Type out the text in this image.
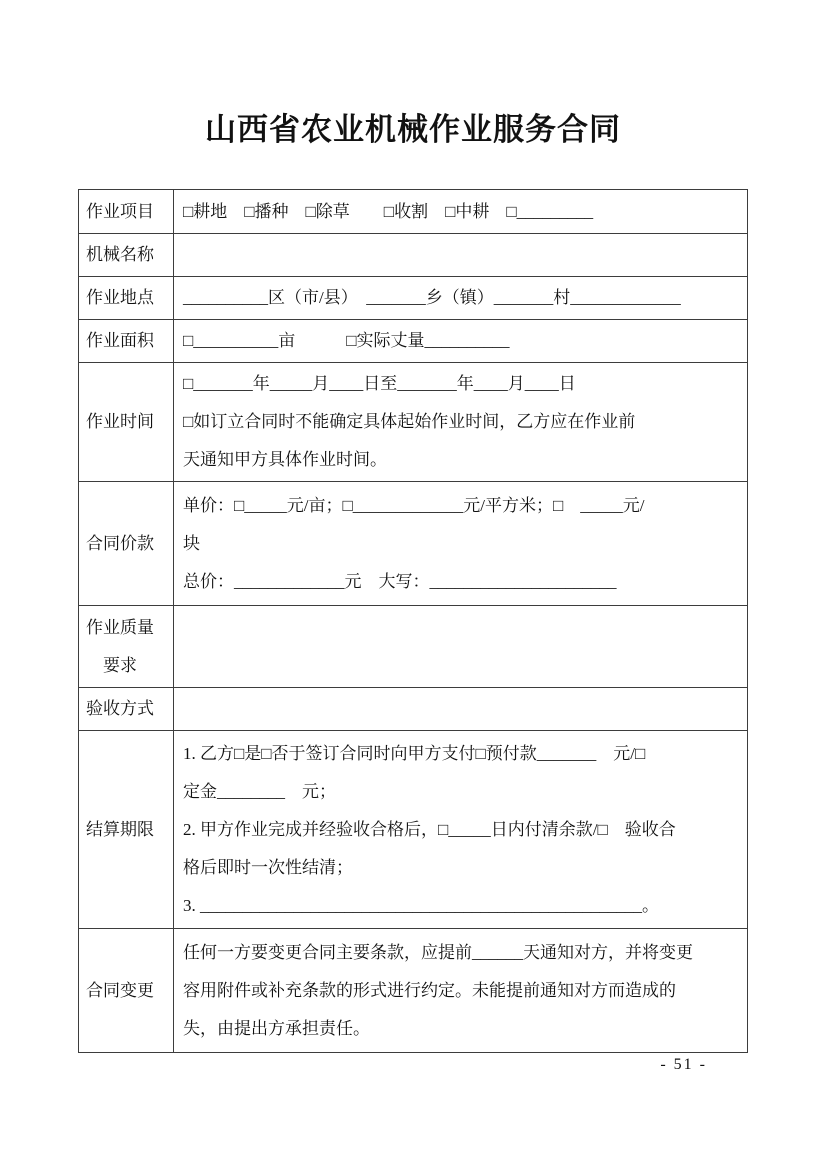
山西省农业机械作业服务合同
作业项目	□耕地　□播种　□除草　　□收割　□中耕　□_________

机械名称	

作业地点	__________区（市/县）　_______乡（镇）_______村_____________

作业面积	□__________亩　　　□实际丈量__________

作业时间	□_______年_____月____日至_______年____月____日
□如订立合同时不能确定具体起始作业时间，乙方应在作业前
天通知甲方具体作业时间。

合同价款	单价：□_____元/亩；□_____________元/平方米；□　_____元/
块
总价：_____________元　大写：______________________

作业质量
要求	

验收方式	

结算期限	1. 乙方□是□否于签订合同时向甲方支付□预付款_______　元/□
定金________　元；
2. 甲方作业完成并经验收合格后，□_____日内付清余款/□　验收合
格后即时一次性结清；
3. ____________________________________________________。

合同变更	任何一方要变更合同主要条款，应提前______天通知对方，并将变更
容用附件或补充条款的形式进行约定。未能提前通知对方而造成的
失，由提出方承担责任。
- 51 -
